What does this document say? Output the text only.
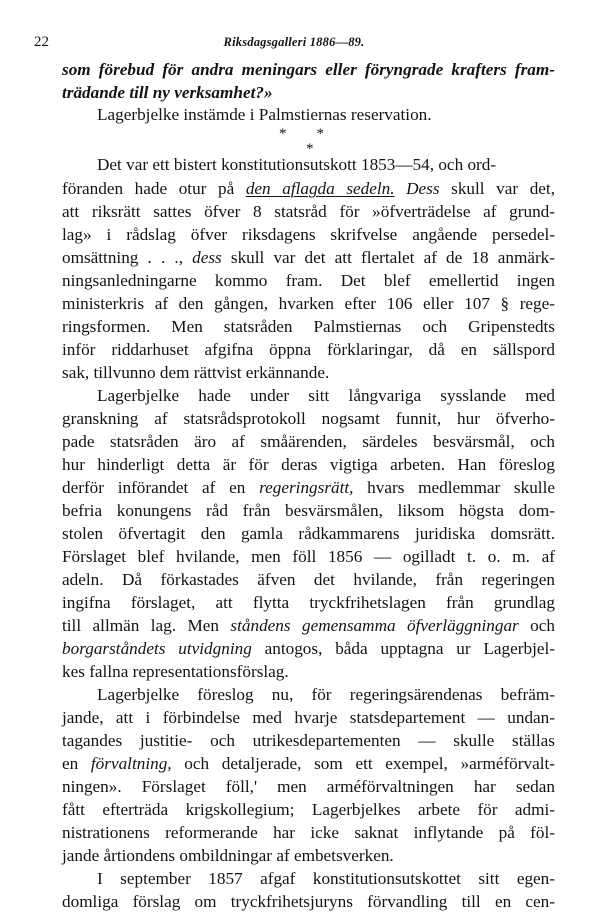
22	Riksdagsgalleri 1886—89.
*        *
*
som förebud för andra meningars eller föryngrade krafters fram-
trädande till ny verksamhet?»
Lagerbjelke instämde i Palmstiernas reservation.
Det var ett bistert konstitutionsutskott 1853—54, och ord-
föranden hade otur på den aflagda sedeln. Dess skull var det,
att riksrätt sattes öfver 8 statsråd för »öfverträdelse af grund-
lag» i rådslag öfver riksdagens skrifvelse angående persedel-
omsättning . . ., dess skull var det att flertalet af de 18 anmärk-
ningsanledningarne kommo fram. Det blef emellertid ingen
ministerkris af den gången, hvarken efter 106 eller 107 § rege-
ringsformen. Men statsråden Palmstiernas och Gripenstedts
inför riddarhuset afgifna öppna förklaringar, då en sällspord
sak, tillvunno dem rättvist erkännande.
Lagerbjelke hade under sitt långvariga sysslande med
granskning af statsrådsprotokoll nogsamt funnit, hur öfverho-
pade statsråden äro af småärenden, särdeles besvärsmål, och
hur hinderligt detta är för deras vigtiga arbeten. Han föreslog
derför införandet af en regeringsrätt, hvars medlemmar skulle
befria konungens råd från besvärsmålen, liksom högsta dom-
stolen öfvertagit den gamla rådkammarens juridiska domsrätt.
Förslaget blef hvilande, men föll 1856 — ogilladt t. o. m. af
adeln. Då förkastades äfven det hvilande, från regeringen
ingifna förslaget, att flytta tryckfrihetslagen från grundlag
till allmän lag. Men ståndens gemensamma öfverläggningar och
borgarståndets utvidgning antogos, båda upptagna ur Lagerbjel-
kes fallna representationsförslag.
Lagerbjelke föreslog nu, för regeringsärendenas befräm-
jande, att i förbindelse med hvarje statsdepartement — undan-
tagandes justitie- och utrikesdepartementen — skulle ställas
en förvaltning, och detaljerade, som ett exempel, »arméförvalt-
ningen». Förslaget föll,' men arméförvaltningen har sedan
fått efterträda krigskollegium; Lagerbjelkes arbete för admi-
nistrationens reformerande har icke saknat inflytande på föl-
jande årtiondens ombildningar af embetsverken.
I september 1857 afgaf konstitutionsutskottet sitt egen-
domliga förslag om tryckfrihetsjuryns förvandling till en cen-
